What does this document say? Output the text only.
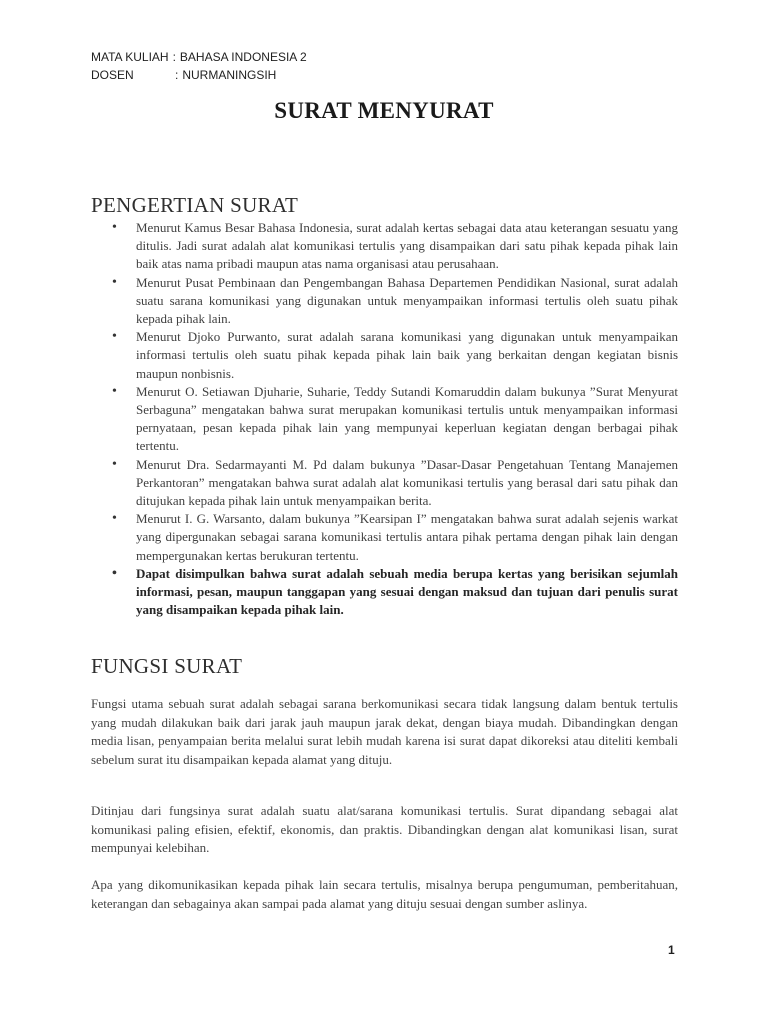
MATA KULIAH : BAHASA INDONESIA 2
DOSEN	: NURMANINGSIH
SURAT MENYURAT
PENGERTIAN SURAT
• Menurut Kamus Besar Bahasa Indonesia, surat adalah kertas sebagai data atau keterangan sesuatu yang ditulis. Jadi surat adalah alat komunikasi tertulis yang disampaikan dari satu pihak kepada pihak lain baik atas nama pribadi maupun atas nama organisasi atau perusahaan.
• Menurut Pusat Pembinaan dan Pengembangan Bahasa Departemen Pendidikan Nasional, surat adalah suatu sarana komunikasi yang digunakan untuk menyampaikan informasi tertulis oleh suatu pihak kepada pihak lain.
• Menurut Djoko Purwanto, surat adalah sarana komunikasi yang digunakan untuk menyampaikan informasi tertulis oleh suatu pihak kepada pihak lain baik yang berkaitan dengan kegiatan bisnis maupun nonbisnis.
• Menurut O. Setiawan Djuharie, Suharie, Teddy Sutandi Komaruddin dalam bukunya ”Surat Menyurat Serbaguna” mengatakan bahwa surat merupakan komunikasi tertulis untuk menyampaikan informasi pernyataan, pesan kepada pihak lain yang mempunyai keperluan kegiatan dengan berbagai pihak tertentu.
• Menurut Dra. Sedarmayanti M. Pd dalam bukunya ”Dasar-Dasar Pengetahuan Tentang Manajemen Perkantoran” mengatakan bahwa surat adalah alat komunikasi tertulis yang berasal dari satu pihak dan ditujukan kepada pihak lain untuk menyampaikan berita.
• Menurut I. G. Warsanto, dalam bukunya ”Kearsipan I” mengatakan bahwa surat adalah sejenis warkat yang dipergunakan sebagai sarana komunikasi tertulis antara pihak pertama dengan pihak lain dengan mempergunakan kertas berukuran tertentu.
• Dapat disimpulkan bahwa surat adalah sebuah media berupa kertas yang berisikan sejumlah informasi, pesan, maupun tanggapan yang sesuai dengan maksud dan tujuan dari penulis surat yang disampaikan kepada pihak lain.
FUNGSI SURAT

Fungsi utama sebuah surat adalah sebagai sarana berkomunikasi secara tidak langsung dalam bentuk tertulis yang mudah dilakukan baik dari jarak jauh maupun jarak dekat, dengan biaya mudah. Dibandingkan dengan media lisan, penyampaian berita melalui surat lebih mudah karena isi surat dapat dikoreksi atau diteliti kembali sebelum surat itu disampaikan kepada alamat yang dituju.

Ditinjau dari fungsinya surat adalah suatu alat/sarana komunikasi tertulis. Surat dipandang sebagai alat komunikasi paling efisien, efektif, ekonomis, dan praktis. Dibandingkan dengan alat komunikasi lisan, surat mempunyai kelebihan.

Apa yang dikomunikasikan kepada pihak lain secara tertulis, misalnya berupa pengumuman, pemberitahuan, keterangan dan sebagainya akan sampai pada alamat yang dituju sesuai dengan sumber aslinya.

1
